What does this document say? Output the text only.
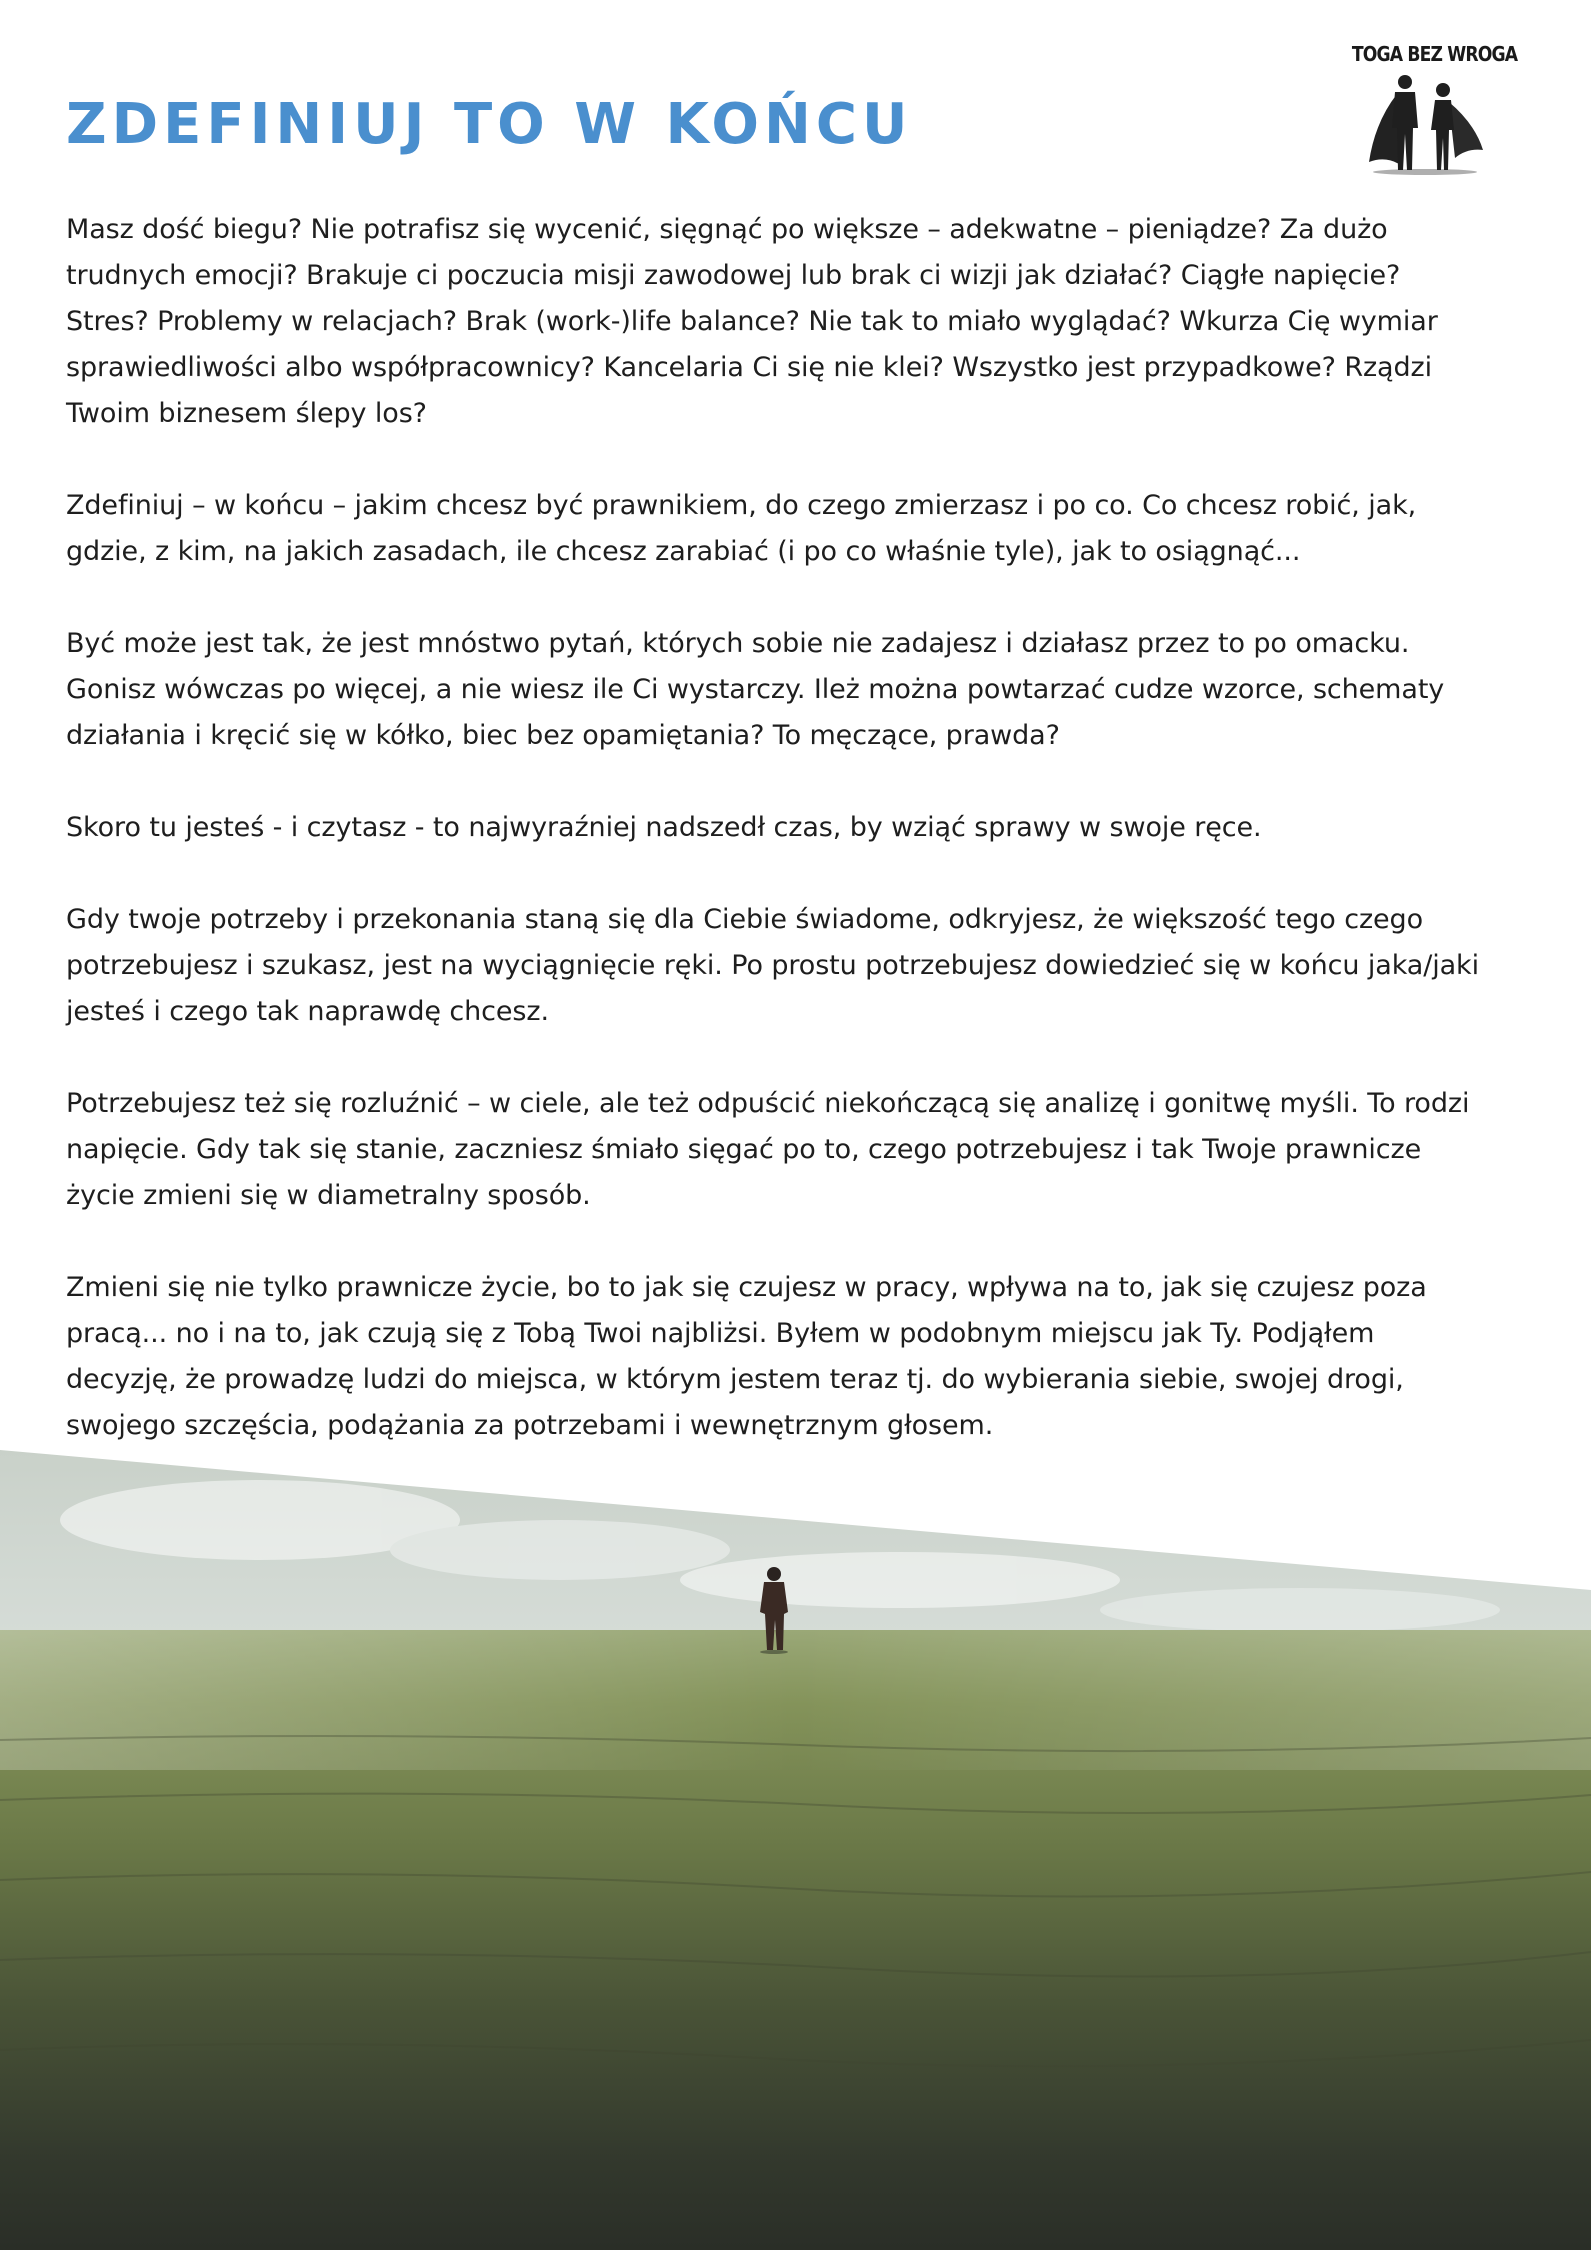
TOGA BEZ WROGA
ZDEFINIUJ TO W KOŃCU

Masz dość biegu? Nie potrafisz się wycenić, sięgnąć po większe – adekwatne – pieniądze? Za dużo trudnych emocji? Brakuje ci poczucia misji zawodowej lub brak ci wizji jak działać? Ciągłe napięcie? Stres? Problemy w relacjach? Brak (work-)life balance? Nie tak to miało wyglądać? Wkurza Cię wymiar sprawiedliwości albo współpracownicy? Kancelaria Ci się nie klei? Wszystko jest przypadkowe? Rządzi Twoim biznesem ślepy los?

Zdefiniuj – w końcu – jakim chcesz być prawnikiem, do czego zmierzasz i po co. Co chcesz robić, jak, gdzie, z kim, na jakich zasadach, ile chcesz zarabiać (i po co właśnie tyle), jak to osiągnąć...

Być może jest tak, że jest mnóstwo pytań, których sobie nie zadajesz i działasz przez to po omacku. Gonisz wówczas po więcej, a nie wiesz ile Ci wystarczy. Ileż można powtarzać cudze wzorce, schematy działania i kręcić się w kółko, biec bez opamiętania? To męczące, prawda?

Skoro tu jesteś - i czytasz - to najwyraźniej nadszedł czas, by wziąć sprawy w swoje ręce.

Gdy twoje potrzeby i przekonania staną się dla Ciebie świadome, odkryjesz, że większość tego czego potrzebujesz i szukasz, jest na wyciągnięcie ręki. Po prostu potrzebujesz dowiedzieć się w końcu jaka/jaki jesteś i czego tak naprawdę chcesz.

Potrzebujesz też się rozluźnić – w ciele, ale też odpuścić niekończącą się analizę i gonitwę myśli. To rodzi napięcie. Gdy tak się stanie, zaczniesz śmiało sięgać po to, czego potrzebujesz i tak Twoje prawnicze życie zmieni się w diametralny sposób.

Zmieni się nie tylko prawnicze życie, bo to jak się czujesz w pracy, wpływa na to, jak się czujesz poza pracą... no i na to, jak czują się z Tobą Twoi najbliżsi. Byłem w podobnym miejscu jak Ty. Podjąłem decyzję, że prowadzę ludzi do miejsca, w którym jestem teraz tj. do wybierania siebie, swojej drogi, swojego szczęścia, podążania za potrzebami i wewnętrznym głosem.
